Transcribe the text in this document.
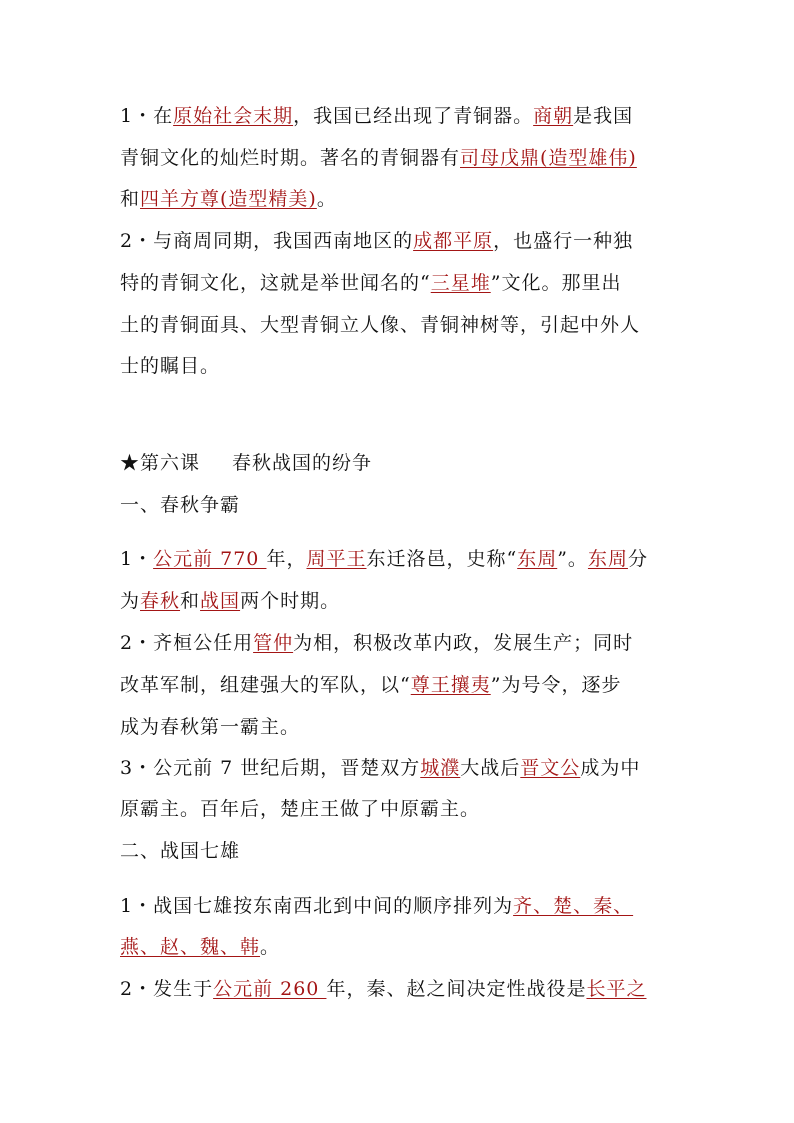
1・在原始社会末期，我国已经出现了青铜器。商朝是我国
青铜文化的灿烂时期。著名的青铜器有司母戊鼎(造型雄伟)
和四羊方尊(造型精美)。
2・与商周同期，我国西南地区的成都平原，也盛行一种独
特的青铜文化，这就是举世闻名的“三星堆”文化。那里出
土的青铜面具、大型青铜立人像、青铜神树等，引起中外人
士的瞩目。
★第六课 春秋战国的纷争
一、春秋争霸
1・公元前 770 年，周平王东迁洛邑，史称“东周”。东周分
为春秋和战国两个时期。
2・齐桓公任用管仲为相，积极改革内政，发展生产；同时
改革军制，组建强大的军队，以“尊王攘夷”为号令，逐步
成为春秋第一霸主。
3・公元前 7 世纪后期，晋楚双方城濮大战后晋文公成为中
原霸主。百年后，楚庄王做了中原霸主。
二、战国七雄
1・战国七雄按东南西北到中间的顺序排列为齐、楚、秦、
燕、赵、魏、韩。
2・发生于公元前 260 年，秦、赵之间决定性战役是长平之
